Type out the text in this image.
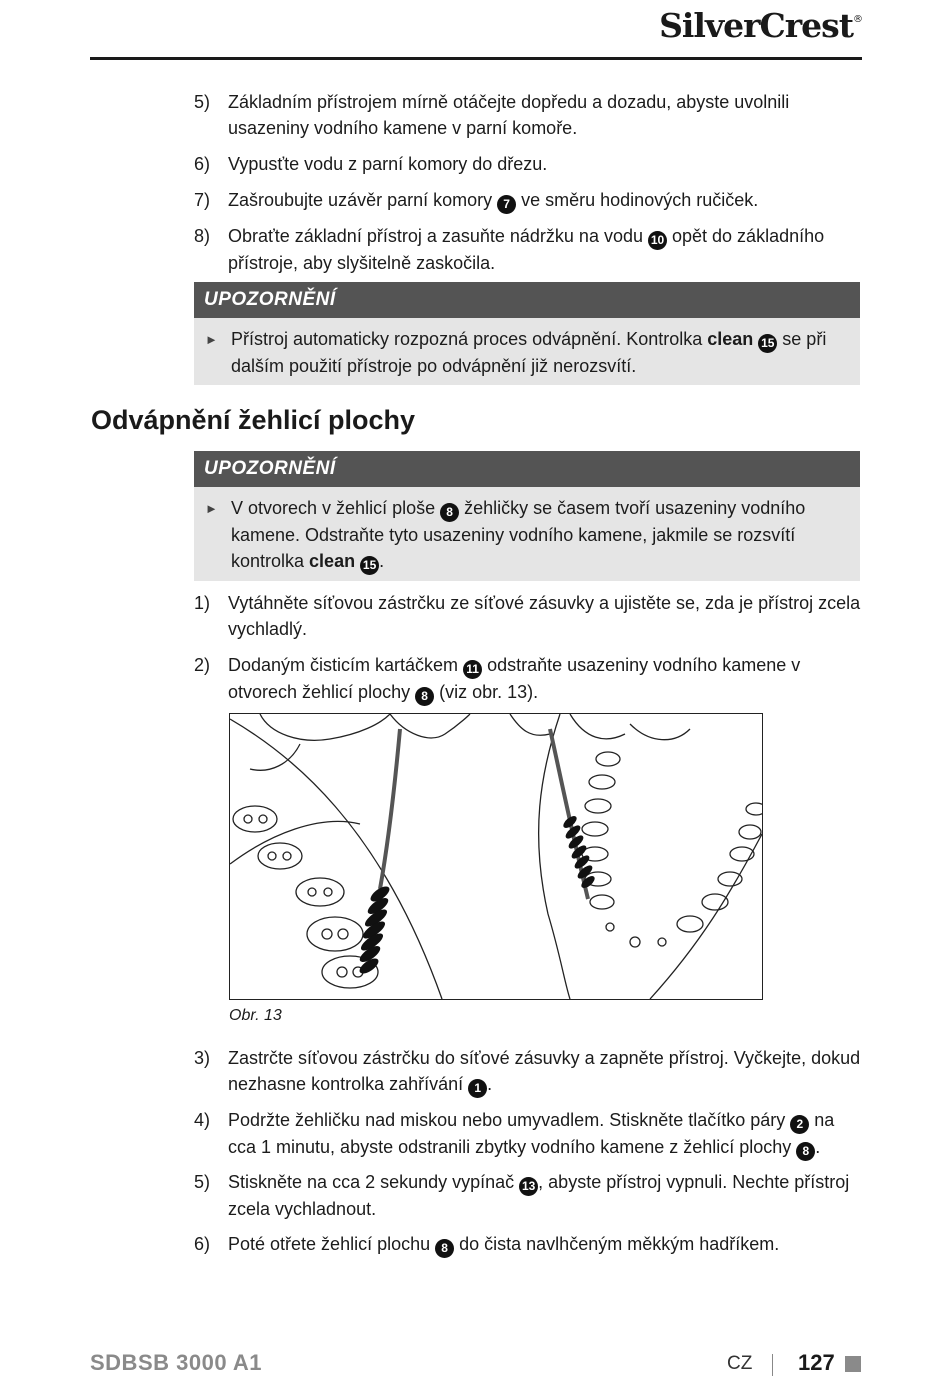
SilverCrest®
5) Základním přístrojem mírně otáčejte dopředu a dozadu, abyste uvolnili usazeniny vodního kamene v parní komoře.
6) Vypusťte vodu z parní komory do dřezu.
7) Zašroubujte uzávěr parní komory 7 ve směru hodinových ručiček.
8) Obraťte základní přístroj a zasuňte nádržku na vodu 10 opět do základního přístroje, aby slyšitelně zaskočila.
UPOZORNĚNÍ
► Přístroj automaticky rozpozná proces odvápnění. Kontrolka clean 15 se při dalším použití přístroje po odvápnění již nerozsvítí.
Odvápnění žehlicí plochy
UPOZORNĚNÍ
► V otvorech v žehlicí ploše 8 žehličky se časem tvoří usazeniny vodního kamene. Odstraňte tyto usazeniny vodního kamene, jakmile se rozsvítí kontrolka clean 15 .
1) Vytáhněte síťovou zástrčku ze síťové zásuvky a ujistěte se, zda je přístroj zcela vychladlý.
2) Dodaným čisticím kartáčkem 11 odstraňte usazeniny vodního kamene v otvorech žehlicí plochy 8 (viz obr. 13).
Obr. 13
3) Zastrčte síťovou zástrčku do síťové zásuvky a zapněte přístroj. Vyčkejte, dokud nezhasne kontrolka zahřívání 1 .
4) Podržte žehličku nad miskou nebo umyvadlem. Stiskněte tlačítko páry 2 na cca 1 minutu, abyste odstranili zbytky vodního kamene z žehlicí plochy 8 .
5) Stiskněte na cca 2 sekundy vypínač 13 , abyste přístroj vypnuli. Nechte přístroj zcela vychladnout.
6) Poté otřete žehlicí plochu 8 do čista navlhčeným měkkým hadříkem.
SDBSB 3000 A1	CZ 127
